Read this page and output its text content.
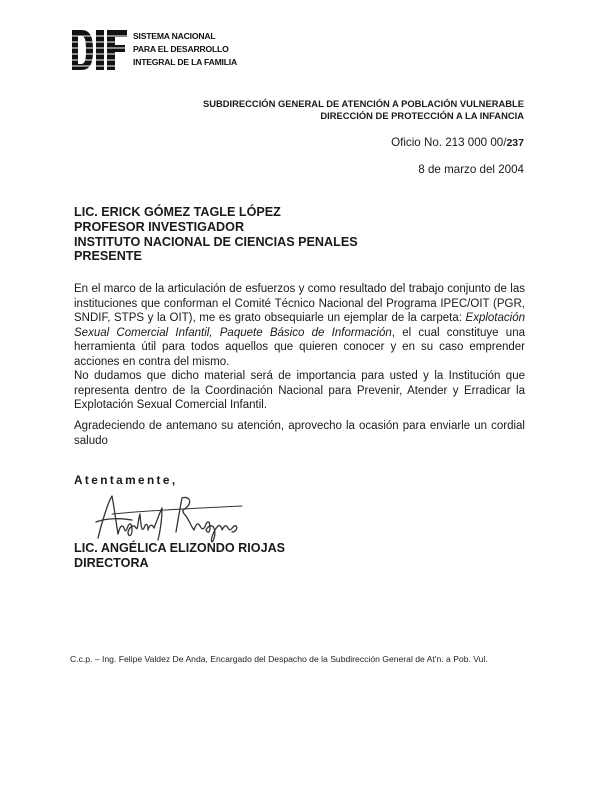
SISTEMA NACIONAL
PARA EL DESARROLLO
INTEGRAL DE LA FAMILIA
SUBDIRECCIÓN GENERAL DE ATENCIÓN A POBLACIÓN VULNERABLE
DIRECCIÓN DE PROTECCIÓN A LA INFANCIA
Oficio No. 213 000 00/237
8 de marzo del 2004
LIC. ERICK GÓMEZ TAGLE LÓPEZ
PROFESOR INVESTIGADOR
INSTITUTO NACIONAL DE CIENCIAS PENALES
PRESENTE

En el marco de la articulación de esfuerzos y como resultado del trabajo conjunto de las instituciones que conforman el Comité Técnico Nacional del Programa IPEC/OIT (PGR, SNDIF, STPS y la OIT), me es grato obsequiarle un ejemplar de la carpeta: Explotación Sexual Comercial Infantil, Paquete Básico de Información, el cual constituye una herramienta útil para todos aquellos que quieren conocer y en su caso emprender acciones en contra del mismo.

No dudamos que dicho material será de importancia para usted y la Institución que representa dentro de la Coordinación Nacional para Prevenir, Atender y Erradicar la Explotación Sexual Comercial Infantil.

Agradeciendo de antemano su atención, aprovecho la ocasión para enviarle un cordial saludo

Atentamente,
LIC. ANGÉLICA ELIZONDO RIOJAS
DIRECTORA
C.c.p. – Ing. Felipe Valdez De Anda, Encargado del Despacho de la Subdirección General de At'n. a Pob. Vul.
